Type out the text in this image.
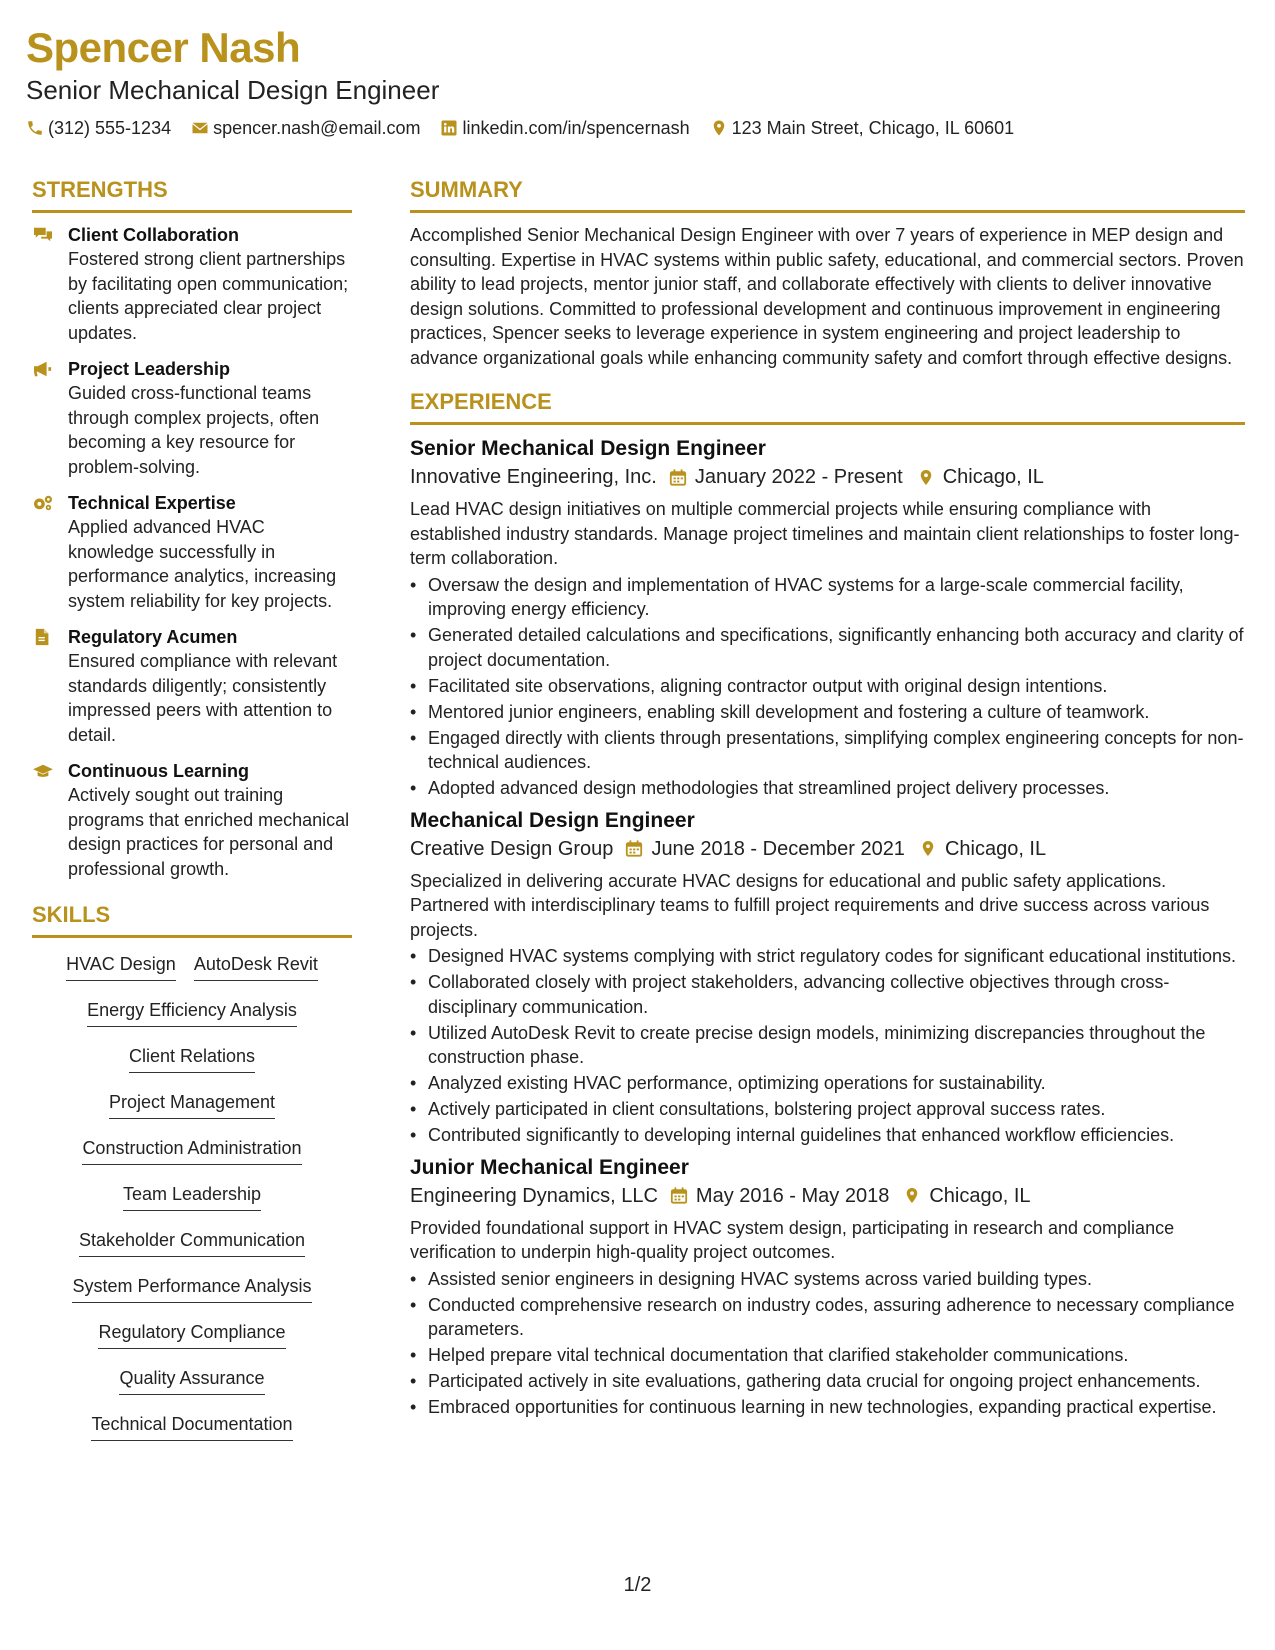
Spencer Nash
Senior Mechanical Design Engineer
(312) 555-1234 spencer.nash@email.com linkedin.com/in/spencernash 123 Main Street, Chicago, IL 60601
STRENGTHS
Client Collaboration
Fostered strong client partnerships by facilitating open communication; clients appreciated clear project updates.
Project Leadership
Guided cross-functional teams through complex projects, often becoming a key resource for problem-solving.
Technical Expertise
Applied advanced HVAC knowledge successfully in performance analytics, increasing system reliability for key projects.
Regulatory Acumen
Ensured compliance with relevant standards diligently; consistently impressed peers with attention to detail.
Continuous Learning
Actively sought out training programs that enriched mechanical design practices for personal and professional growth.
SKILLS
HVAC Design AutoDesk Revit
Energy Efficiency Analysis
Client Relations
Project Management
Construction Administration
Team Leadership
Stakeholder Communication
System Performance Analysis
Regulatory Compliance
Quality Assurance
Technical Documentation
SUMMARY
Accomplished Senior Mechanical Design Engineer with over 7 years of experience in MEP design and consulting. Expertise in HVAC systems within public safety, educational, and commercial sectors. Proven ability to lead projects, mentor junior staff, and collaborate effectively with clients to deliver innovative design solutions. Committed to professional development and continuous improvement in engineering practices, Spencer seeks to leverage experience in system engineering and project leadership to advance organizational goals while enhancing community safety and comfort through effective designs.
EXPERIENCE
Senior Mechanical Design Engineer
Innovative Engineering, Inc. January 2022 - Present Chicago, IL
Lead HVAC design initiatives on multiple commercial projects while ensuring compliance with established industry standards. Manage project timelines and maintain client relationships to foster long-term collaboration.
• Oversaw the design and implementation of HVAC systems for a large-scale commercial facility, improving energy efficiency.
• Generated detailed calculations and specifications, significantly enhancing both accuracy and clarity of project documentation.
• Facilitated site observations, aligning contractor output with original design intentions.
• Mentored junior engineers, enabling skill development and fostering a culture of teamwork.
• Engaged directly with clients through presentations, simplifying complex engineering concepts for non-technical audiences.
• Adopted advanced design methodologies that streamlined project delivery processes.
Mechanical Design Engineer
Creative Design Group June 2018 - December 2021 Chicago, IL
Specialized in delivering accurate HVAC designs for educational and public safety applications. Partnered with interdisciplinary teams to fulfill project requirements and drive success across various projects.
• Designed HVAC systems complying with strict regulatory codes for significant educational institutions.
• Collaborated closely with project stakeholders, advancing collective objectives through cross-disciplinary communication.
• Utilized AutoDesk Revit to create precise design models, minimizing discrepancies throughout the construction phase.
• Analyzed existing HVAC performance, optimizing operations for sustainability.
• Actively participated in client consultations, bolstering project approval success rates.
• Contributed significantly to developing internal guidelines that enhanced workflow efficiencies.
Junior Mechanical Engineer
Engineering Dynamics, LLC May 2016 - May 2018 Chicago, IL
Provided foundational support in HVAC system design, participating in research and compliance verification to underpin high-quality project outcomes.
• Assisted senior engineers in designing HVAC systems across varied building types.
• Conducted comprehensive research on industry codes, assuring adherence to necessary compliance parameters.
• Helped prepare vital technical documentation that clarified stakeholder communications.
• Participated actively in site evaluations, gathering data crucial for ongoing project enhancements.
• Embraced opportunities for continuous learning in new technologies, expanding practical expertise.
1/2
